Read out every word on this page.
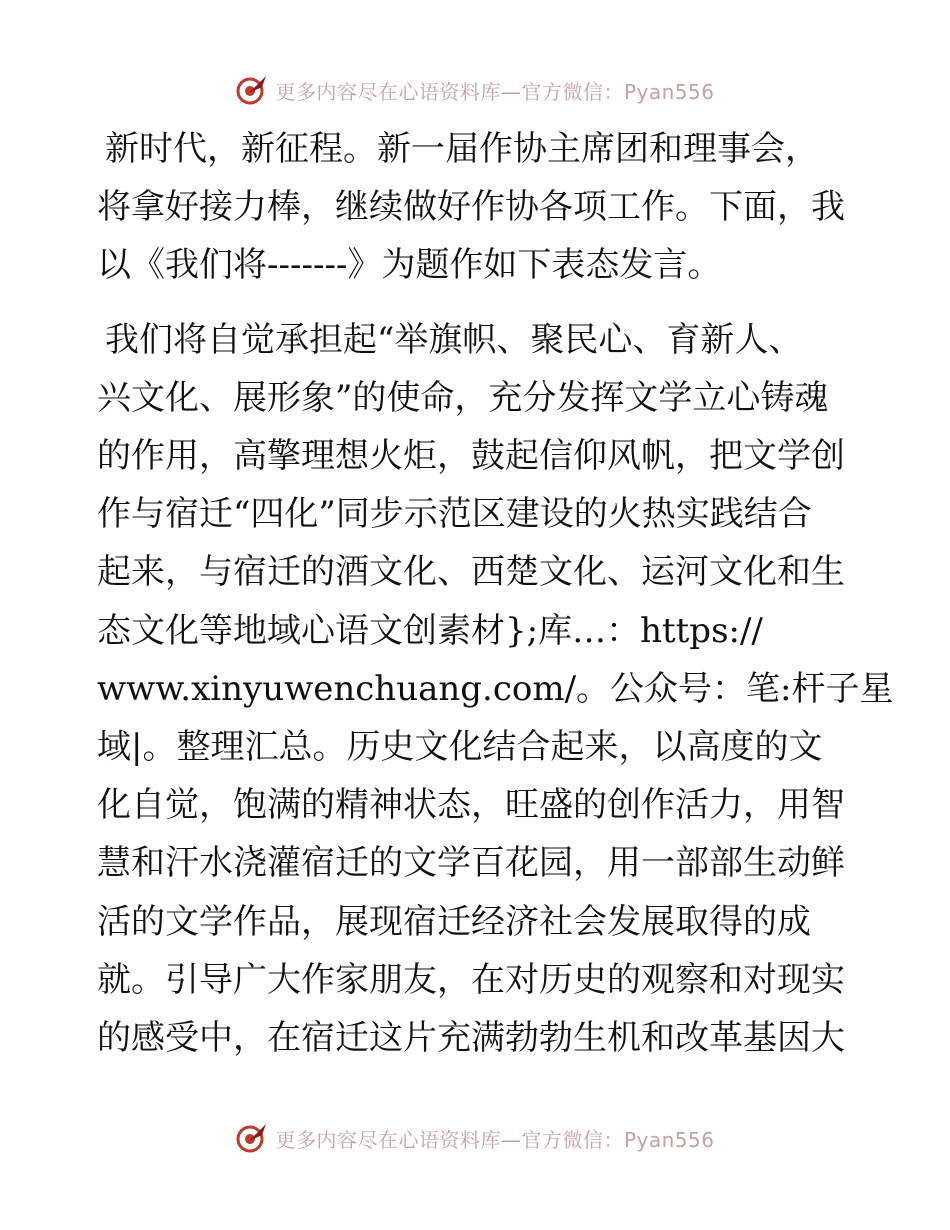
更多内容尽在心语资料库—官方微信：Pyan556

新时代，新征程。新一届作协主席团和理事会，
将拿好接力棒，继续做好作协各项工作。下面，我
以《我们将-------》为题作如下表态发言。

我们将自觉承担起“举旗帜、聚民心、育新人、
兴文化、展形象”的使命，充分发挥文学立心铸魂
的作用，高擎理想火炬，鼓起信仰风帆，把文学创
作与宿迁“四化”同步示范区建设的火热实践结合
起来，与宿迁的酒文化、西楚文化、运河文化和生
态文化等地域心语文创素材};库…：https://
www.xinyuwenchuang.com/。公众号：笔:杆子星
域|。整理汇总。历史文化结合起来，以高度的文
化自觉，饱满的精神状态，旺盛的创作活力，用智
慧和汗水浇灌宿迁的文学百花园，用一部部生动鲜
活的文学作品，展现宿迁经济社会发展取得的成
就。引导广大作家朋友，在对历史的观察和对现实
的感受中，在宿迁这片充满勃勃生机和改革基因大

更多内容尽在心语资料库—官方微信：Pyan556
